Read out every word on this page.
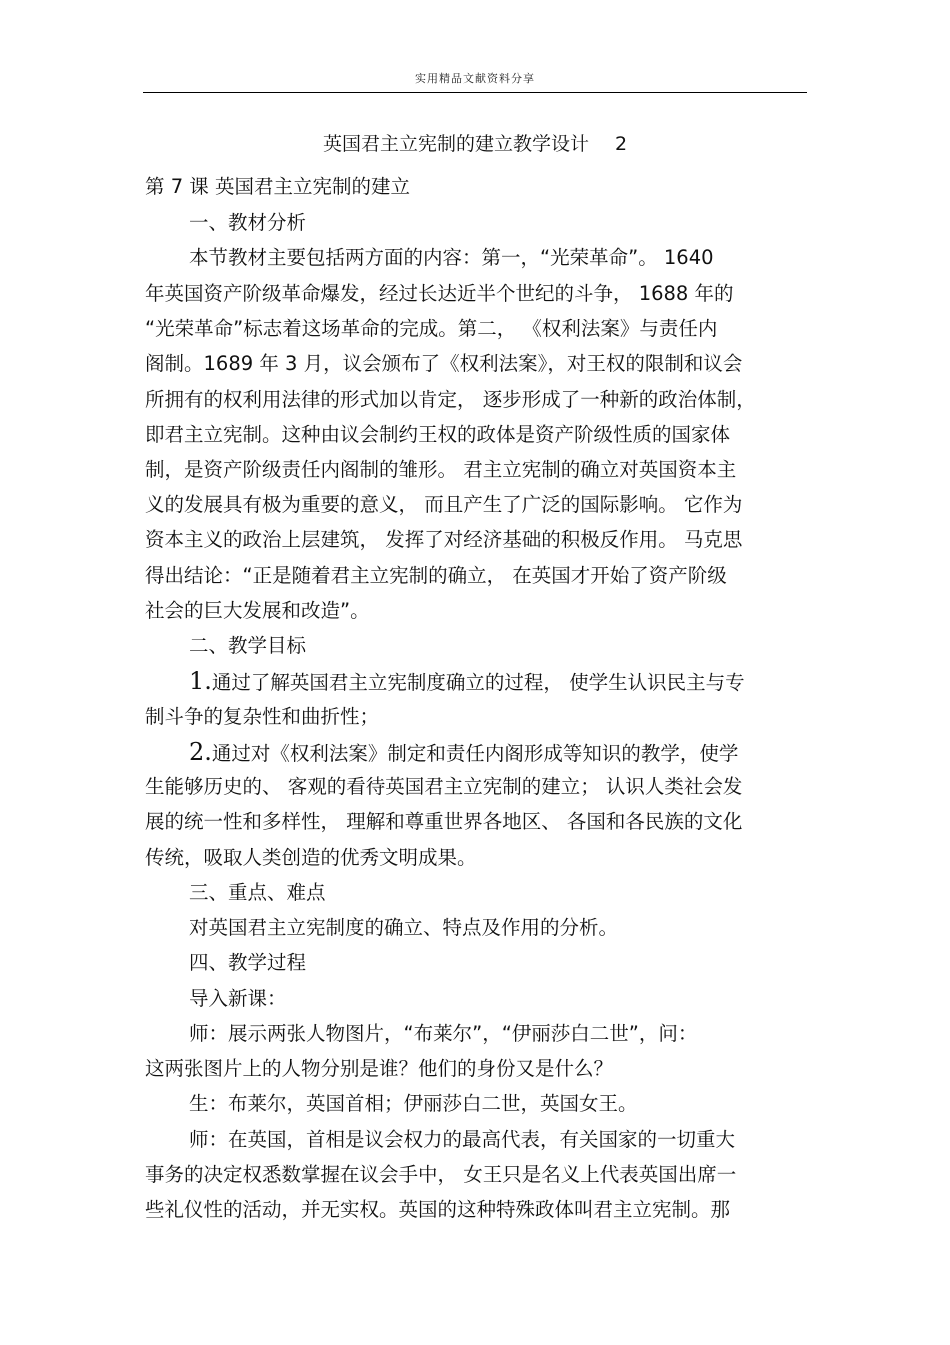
实用精品文献资料分享
英国君主立宪制的建立教学设计 2
第 7 课 英国君主立宪制的建立
一、教材分析
本节教材主要包括两方面的内容：第一，“光荣革命”。 1640
年英国资产阶级革命爆发，经过长达近半个世纪的斗争， 1688 年的
“光荣革命”标志着这场革命的完成。第二， 《权利法案》与责任内
阁制。1689 年 3 月，议会颁布了《权利法案》，对王权的限制和议会
所拥有的权利用法律的形式加以肯定， 逐步形成了一种新的政治体制，
即君主立宪制。这种由议会制约王权的政体是资产阶级性质的国家体
制，是资产阶级责任内阁制的雏形。 君主立宪制的确立对英国资本主
义的发展具有极为重要的意义， 而且产生了广泛的国际影响。 它作为
资本主义的政治上层建筑， 发挥了对经济基础的积极反作用。 马克思
得出结论：“正是随着君主立宪制的确立， 在英国才开始了资产阶级
社会的巨大发展和改造”。
二、教学目标
1.通过了解英国君主立宪制度确立的过程， 使学生认识民主与专
制斗争的复杂性和曲折性；
2.通过对《权利法案》制定和责任内阁形成等知识的教学，使学
生能够历史的、 客观的看待英国君主立宪制的建立； 认识人类社会发
展的统一性和多样性， 理解和尊重世界各地区、 各国和各民族的文化
传统，吸取人类创造的优秀文明成果。
三、重点、难点
对英国君主立宪制度的确立、特点及作用的分析。
四、教学过程
导入新课：
师：展示两张人物图片，“布莱尔”，“伊丽莎白二世”，问：
这两张图片上的人物分别是谁？他们的身份又是什么？
生：布莱尔，英国首相；伊丽莎白二世，英国女王。
师：在英国，首相是议会权力的最高代表，有关国家的一切重大
事务的决定权悉数掌握在议会手中， 女王只是名义上代表英国出席一
些礼仪性的活动，并无实权。英国的这种特殊政体叫君主立宪制。那
